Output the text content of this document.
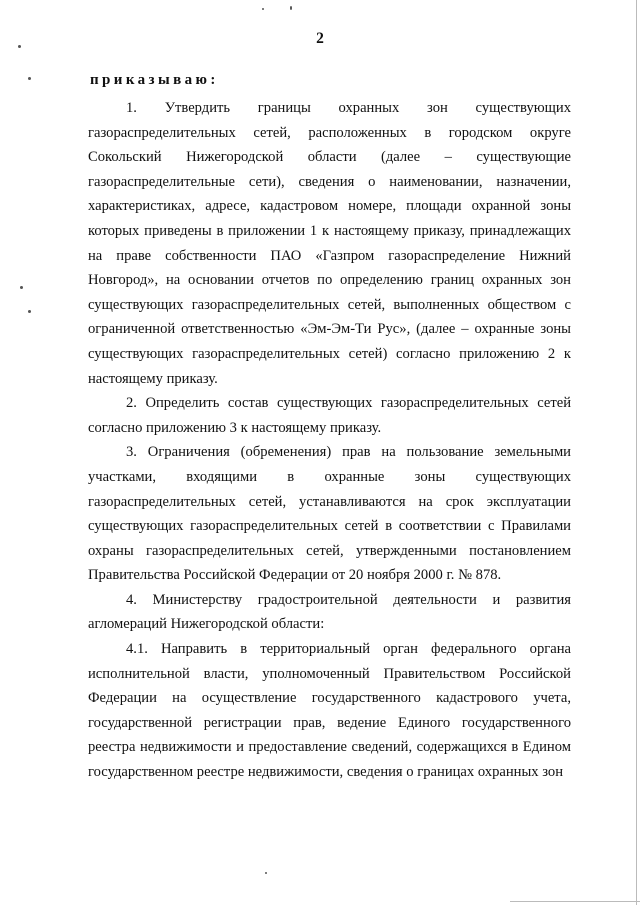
2

приказываю:

1. Утвердить границы охранных зон существующих газораспределительных сетей, расположенных в городском округе Сокольский Нижегородской области (далее – существующие газораспределительные сети), сведения о наименовании, назначении, характеристиках, адресе, кадастровом номере, площади охранной зоны которых приведены в приложении 1 к настоящему приказу, принадлежащих на праве собственности ПАО «Газпром газораспределение Нижний Новгород», на основании отчетов по определению границ охранных зон существующих газораспределительных сетей, выполненных обществом с ограниченной ответственностью «Эм-Эм-Ти Рус», (далее – охранные зоны существующих газораспределительных сетей) согласно приложению 2 к настоящему приказу.

2. Определить состав существующих газораспределительных сетей согласно приложению 3 к настоящему приказу.

3. Ограничения (обременения) прав на пользование земельными участками, входящими в охранные зоны существующих газораспределительных сетей, устанавливаются на срок эксплуатации существующих газораспределительных сетей в соответствии с Правилами охраны газораспределительных сетей, утвержденными постановлением Правительства Российской Федерации от 20 ноября 2000 г. № 878.

4. Министерству градостроительной деятельности и развития агломераций Нижегородской области:

4.1. Направить в территориальный орган федерального органа исполнительной власти, уполномоченный Правительством Российской Федерации на осуществление государственного кадастрового учета, государственной регистрации прав, ведение Единого государственного реестра недвижимости и предоставление сведений, содержащихся в Едином государственном реестре недвижимости, сведения о границах охранных зон
